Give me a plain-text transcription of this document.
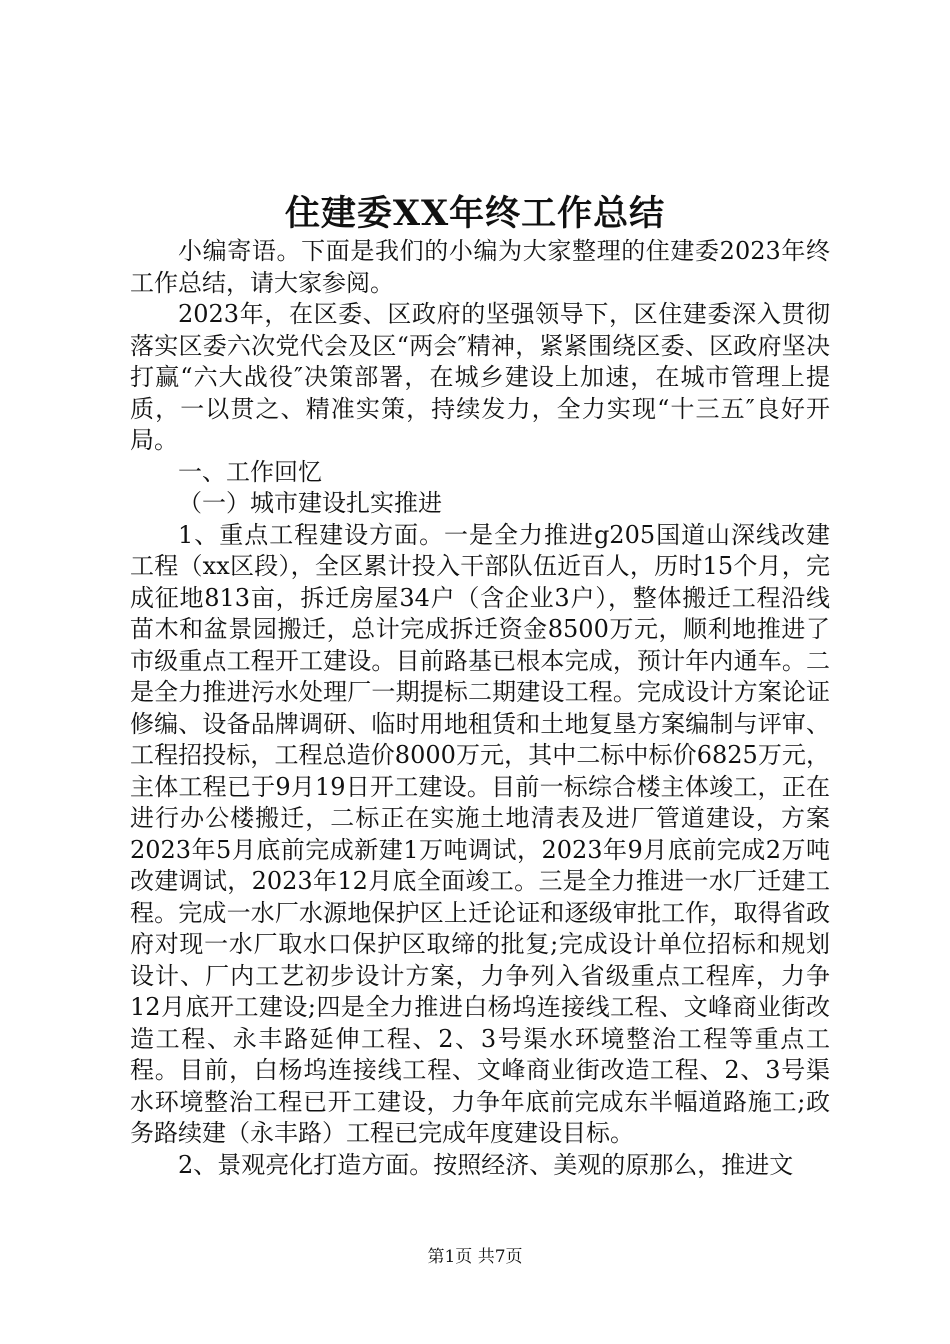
住建委XX年终工作总结

小编寄语。下面是我们的小编为大家整理的住建委2023年终工作总结，请大家参阅。

2023年，在区委、区政府的坚强领导下，区住建委深入贯彻落实区委六次党代会及区“两会″精神，紧紧围绕区委、区政府坚决打赢“六大战役″决策部署，在城乡建设上加速，在城市管理上提质，一以贯之、精准实策，持续发力，全力实现“十三五″良好开局。

一、工作回忆

（一）城市建设扎实推进

1、重点工程建设方面。一是全力推进g205国道山深线改建工程（xx区段），全区累计投入干部队伍近百人，历时15个月，完成征地813亩，拆迁房屋34户（含企业3户），整体搬迁工程沿线苗木和盆景园搬迁，总计完成拆迁资金8500万元，顺利地推进了市级重点工程开工建设。目前路基已根本完成，预计年内通车。二是全力推进污水处理厂一期提标二期建设工程。完成设计方案论证修编、设备品牌调研、临时用地租赁和土地复垦方案编制与评审、工程招投标，工程总造价8000万元，其中二标中标价6825万元，主体工程已于9月19日开工建设。目前一标综合楼主体竣工，正在进行办公楼搬迁，二标正在实施土地清表及进厂管道建设，方案2023年5月底前完成新建1万吨调试，2023年9月底前完成2万吨改建调试，2023年12月底全面竣工。三是全力推进一水厂迁建工程。完成一水厂水源地保护区上迁论证和逐级审批工作，取得省政府对现一水厂取水口保护区取缔的批复;完成设计单位招标和规划设计、厂内工艺初步设计方案，力争列入省级重点工程库，力争12月底开工建设;四是全力推进白杨坞连接线工程、文峰商业街改造工程、永丰路延伸工程、2、3号渠水环境整治工程等重点工程。目前，白杨坞连接线工程、文峰商业街改造工程、2、3号渠水环境整治工程已开工建设，力争年底前完成东半幅道路施工;政务路续建（永丰路）工程已完成年度建设目标。

2、景观亮化打造方面。按照经济、美观的原那么，推进文

第1页 共7页
